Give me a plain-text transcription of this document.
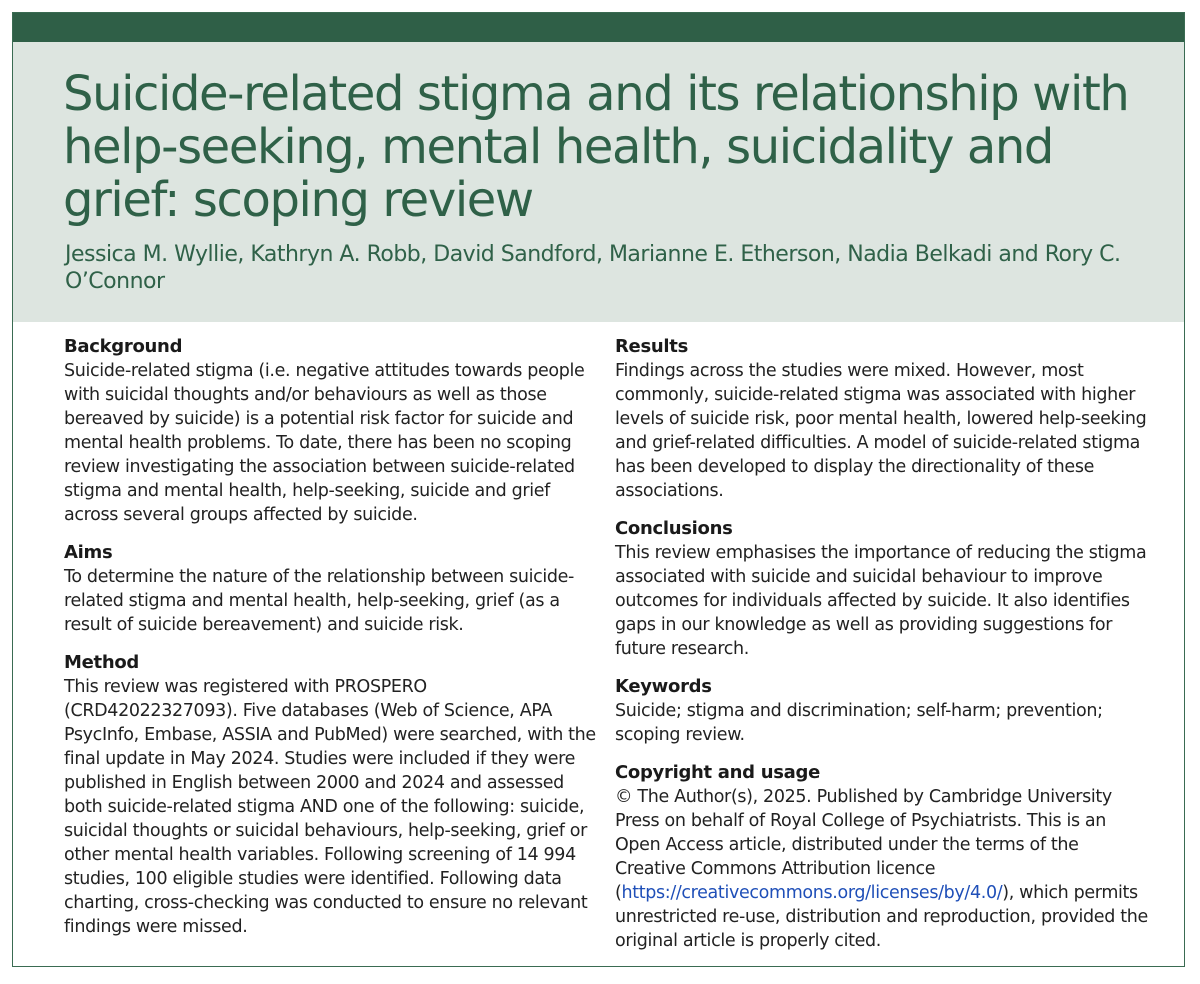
Suicide-related stigma and its relationship with help-seeking, mental health, suicidality and grief: scoping review

Jessica M. Wyllie, Kathryn A. Robb, David Sandford, Marianne E. Etherson, Nadia Belkadi and Rory C. O’Connor

Background

Suicide-related stigma (i.e. negative attitudes towards people with suicidal thoughts and/or behaviours as well as those bereaved by suicide) is a potential risk factor for suicide and mental health problems. To date, there has been no scoping review investigating the association between suicide-related stigma and mental health, help-seeking, suicide and grief across several groups affected by suicide.

Aims

To determine the nature of the relationship between suicide-related stigma and mental health, help-seeking, grief (as a result of suicide bereavement) and suicide risk.

Method

This review was registered with PROSPERO (CRD42022327093). Five databases (Web of Science, APA PsycInfo, Embase, ASSIA and PubMed) were searched, with the final update in May 2024. Studies were included if they were published in English between 2000 and 2024 and assessed both suicide-related stigma AND one of the following: suicide, suicidal thoughts or suicidal behaviours, help-seeking, grief or other mental health variables. Following screening of 14 994 studies, 100 eligible studies were identified. Following data charting, cross-checking was conducted to ensure no relevant findings were missed.

Results

Findings across the studies were mixed. However, most commonly, suicide-related stigma was associated with higher levels of suicide risk, poor mental health, lowered help-seeking and grief-related difficulties. A model of suicide-related stigma has been developed to display the directionality of these associations.

Conclusions

This review emphasises the importance of reducing the stigma associated with suicide and suicidal behaviour to improve outcomes for individuals affected by suicide. It also identifies gaps in our knowledge as well as providing suggestions for future research.

Keywords

Suicide; stigma and discrimination; self-harm; prevention; scoping review.

Copyright and usage

© The Author(s), 2025. Published by Cambridge University Press on behalf of Royal College of Psychiatrists. This is an Open Access article, distributed under the terms of the Creative Commons Attribution licence (https://creativecommons.org/licenses/by/4.0/), which permits unrestricted re-use, distribution and reproduction, provided the original article is properly cited.
